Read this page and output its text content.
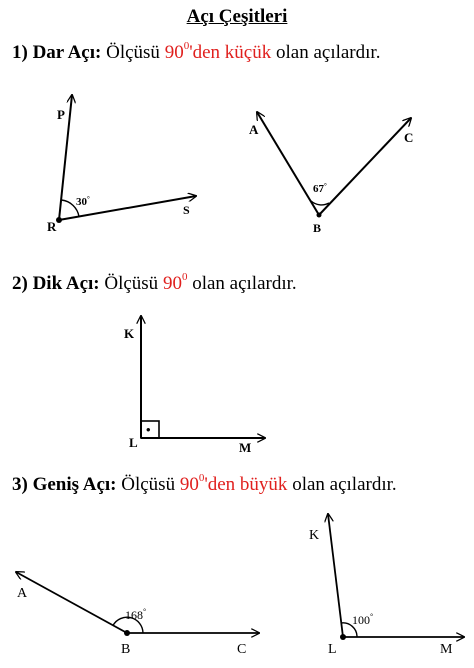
Açı Çeşitleri
1) Dar Açı: Ölçüsü $90^0'den$ küçük olan açılardır.
2) Dik Açı: Ölçüsü $90^0$ olan açılardır.
3) Geniş Açı: Ölçüsü $90^0'den$ büyük olan açılardır.
P
R
S
30°
A
C
B
67°
•
K
L	M
A
B	C
168°
K
L	M
100°
